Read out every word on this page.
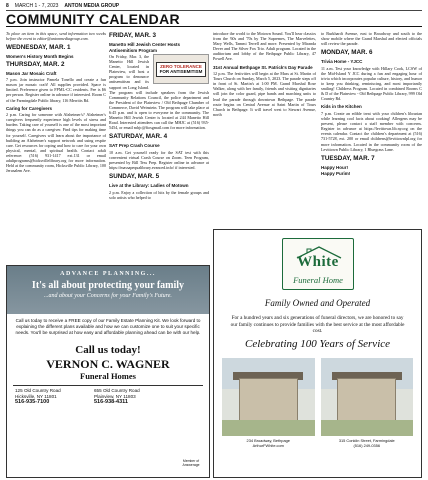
8 MARCH 1 - 7, 2023 ANTON MEDIA GROUP
COMMUNITY CALENDAR

To place an item in this space, send information two weeks before the event to editor@antonmediagroup.com.

WEDNESDAY, MAR. 1
Women's History Month Begins
THURSDAY, MAR. 2
Mason Jar Mosaic Craft

7 p.m. Join instructor Pamela Tonello and create a fun mason jar mosaic craft! All supplies provided. Space is limited. Preference given to FPML-CC residents. Fee is $6 per person. Register online in advance if interested. Room C of the Farmingdale Public library, 116 Merritts Rd.

Caring for Caregivers

2 p.m. Caring for someone with Alzheimer's? Alzheimer's caregivers frequently experience high levels of stress and burden. Taking care of yourself is one of the most important things you can do as a caregiver. Find tips for making time for yourself. Caregivers will learn about the importance of building an Alzheimer's support network and using respite care. Get resources for coping and how to care for your own physical, mental, and spiritual health. Contact adult reference: (516) 931-1417 ext.131 or email adultprograms@hicksvillelibrary.org for more information. Held at the community room, Hicksville Public Library, 100 Jerusalem Ave.

FRIDAY, MAR. 3
Manetto Hill Jewish Center Hosts Antisemitism Program
ZERO TOLERANCE
FOR ANTISEMITISM

On Friday, Mar. 3, the Manetto Hill Jewish Center, located in Plainview, will host a program to denounce antisemitism and its support on Long Island. The program will include speakers from the Jewish Community Relations Council, the police department and the President of the Plainview / Old Bethpage Chamber of Commerce, David Weinstein. The program will take place at 6:45 p.m. and is open to everyone in the community. The Manetto Hill Jewish Center is located at 244 Manetto Hill Road. Interested attendees can call the MHJC at (516) 935-5454, or email mhjc@fiosgmail.com for more information.

SATURDAY, MAR. 4
SAT Prep Crash Course

10 a.m. Get yourself ready for the SAT test with this convenient virtual Crash Course on Zoom. Teen Program, presented by Bill Tess Prep. Register online in advance at https://massapequalibrary.evanced.info/ if interested.

SUNDAY, MAR. 5
Live at the Library: Ladies of Motown

2 p.m. Enjoy a collection of hits by the female groups and solo artists who helped to

introduce the world to the Motown Sound. You'll hear classics from the '60s and '70s by The Supremes, The Marvelettes, Mary Wells, Tammi Terrell and more. Presented by Miranda Dever and The Silver Fox Trio. Adult program. Located in the auditorium and lobby of the Bethpage Public Library, 47 Powell Ave.

31st Annual Bethpage St. Patrick's Day Parade

12 p.m. The festivities will begin at the Mass at St. Martin of Tours Church on Sunday, March 5, 2023. The parade steps off in front of St. Martin's at 1:00 PM. Grand Marshal Rose Walker, along with her family, friends and visiting dignitaries will join the color guard, pipe bands and marching units to lead the parade through downtown Bethpage. The parade route begins on Central Avenue at Saint Martin of Tours Church in Bethpage. It will travel west to Stewart Avenue, north

to Burkhardt Avenue, east to Broadway and south to the show mobile where the Grand Marshal and elected officials will review the parade.

MONDAY, MAR. 6
Trivia Home - YJCC

11 a.m. Test your knowledge with Hillary Cook, LCSW of the Mid-Island Y JCC during a fun and engaging hour of trivia which incorporates popular culture, history, and humor to keep you thinking, reminiscing, and most importantly smiling! Childress Program. Located in combined Rooms C & D of the Plainview - Old Bethpage Public Library, 999 Old Country Rd.

Kids in the Kitchen

7 p.m. Create an edible treat with your children's librarian while learning cool facts about cooking! Allergens may be present, please contact a staff member with concerns. Register in advance at https://levittown.lib.ny.org on the events calendar. Contact the children's department at (516) 731-5728, ext. 200 or email childrens@levittownlpl.org for more information. Located in the community room of the Levittown Public Library, 1 Bluegrass Lane.

TUESDAY, MAR. 7
Happy Hour!
Happy Purim!
ADVANCE PLANNING...
It's all about protecting your family
...and about your Concerns for your Family's Future.
Call us today to receive a FREE copy of our Family Estate Planning Kit. We look forward to explaining the different plans available and how we can customize one to suit your specific needs. You'll be surprised at how easy and affordable planning ahead can be with our help.
Call us today!
VERNON C. WAGNER
Funeral Homes
125 Old Country Road
Hicksville, NY 11801
516-935-7100
655 Old Country Road
Plainview, NY 11803
516-938-4311
Member of Answerage
White
Funeral Home
Family Owned and Operated
For a hundred years and six generations of funeral directors, we are honored to say our family continues to provide families with the best service at the most affordable cost.
Celebrating 100 Years of Service
234 Broadway, Bethpage
ArthurFWhite.com
315 Conklin Street, Farmingdale
(516) 249-0356
